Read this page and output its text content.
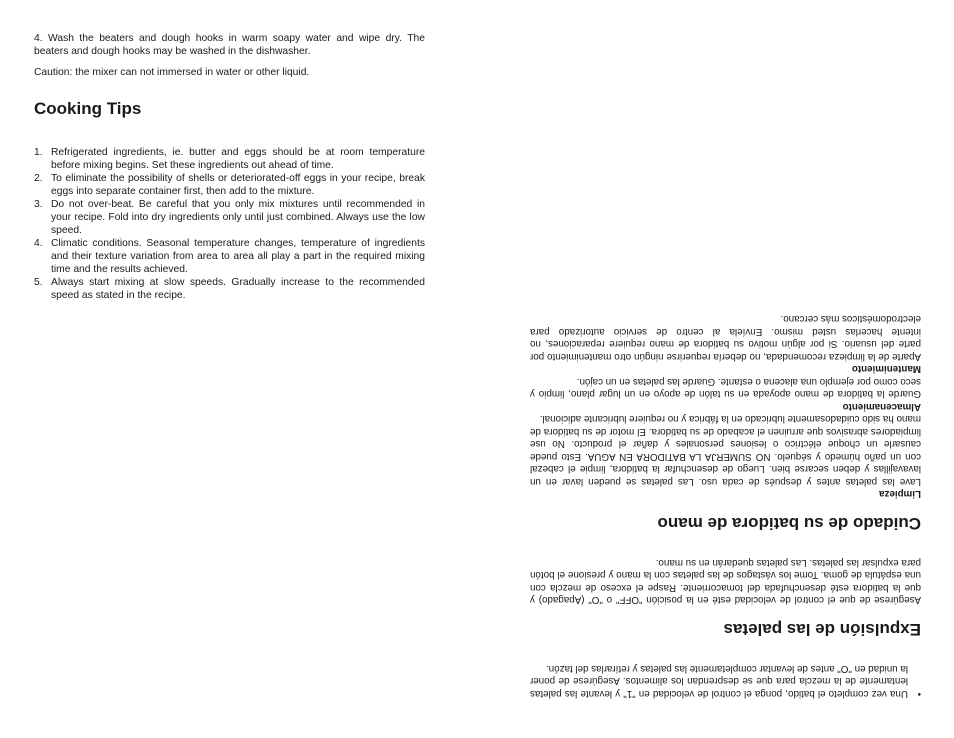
4. Wash the beaters and dough hooks in warm soapy water and wipe dry. The beaters and dough hooks may be washed in the dishwasher.

Caution: the mixer can not immersed in water or other liquid.

Cooking Tips
1. Refrigerated ingredients, ie. butter and eggs should be at room temperature before mixing begins. Set these ingredients out ahead of time.
2. To eliminate the possibility of shells or deteriorated-off eggs in your recipe, break eggs into separate container first, then add to the mixture.
3. Do not over-beat. Be careful that you only mix mixtures until recommended in your recipe. Fold into dry ingredients only until just combined. Always use the low speed.
4. Climatic conditions. Seasonal temperature changes, temperature of ingredients and their texture variation from area to area all play a part in the required mixing time and the results achieved.
5. Always start mixing at slow speeds. Gradually increase to the recommended speed as stated in the recipe.

•
Una vez completo el batido, ponga el control de velocidad en "1" y levante las paletas lentamente de la mezcla para que se desprendan los alimentos. Asegúrese de poner la unidad en "O" antes de levantar completamente las paletas y retírarlas del tazón.

Expulsión de las paletas

Asegúrese de que el control de velocidad esté en la posición "OFF" o "O" (Apagado) y que la batidora esté desenchufada del tomacorriente. Raspe el exceso de mezcla con una espátula de goma. Tome los vástagos de las paletas con la mano y presione el botón para expulsar las paletas. Las paletas quedarán en su mano.

Cuidado de su batidora de mano
Limpieza

Lave las paletas antes y después de cada uso. Las paletas se pueden lavar en un lavavajillas y deben secarse bien. Luego de desenchufar la batidora, limpie el cabezal con un paño húmedo y séquelo. NO SUMERJA LA BATIDORA EN AGUA. Esto puede causarle un choque eléctrico o lesiones personales y dañar el producto. No use limpiadores abrasivos que arruinen el acabado de su batidora. El motor de su batidora de mano ha sido cuidadosamente lubricado en la fábrica y no requiere lubricante adicional.

Almacenamiento

Guarde la batidora de mano apoyada en su talón de apoyo en un lugar plano, limpio y seco como por ejemplo una alacena o estante. Guarde las paletas en un cajón.

Mantenimiento

Aparte de la limpieza recomendada, no debería requerirse ningún otro mantenimiento por parte del usuario. Si por algún motivo su batidora de mano requiere reparaciones, no intente hacerlas usted mismo. Envíela al centro de servicio autorizado para electrodomésticos más cercano.
